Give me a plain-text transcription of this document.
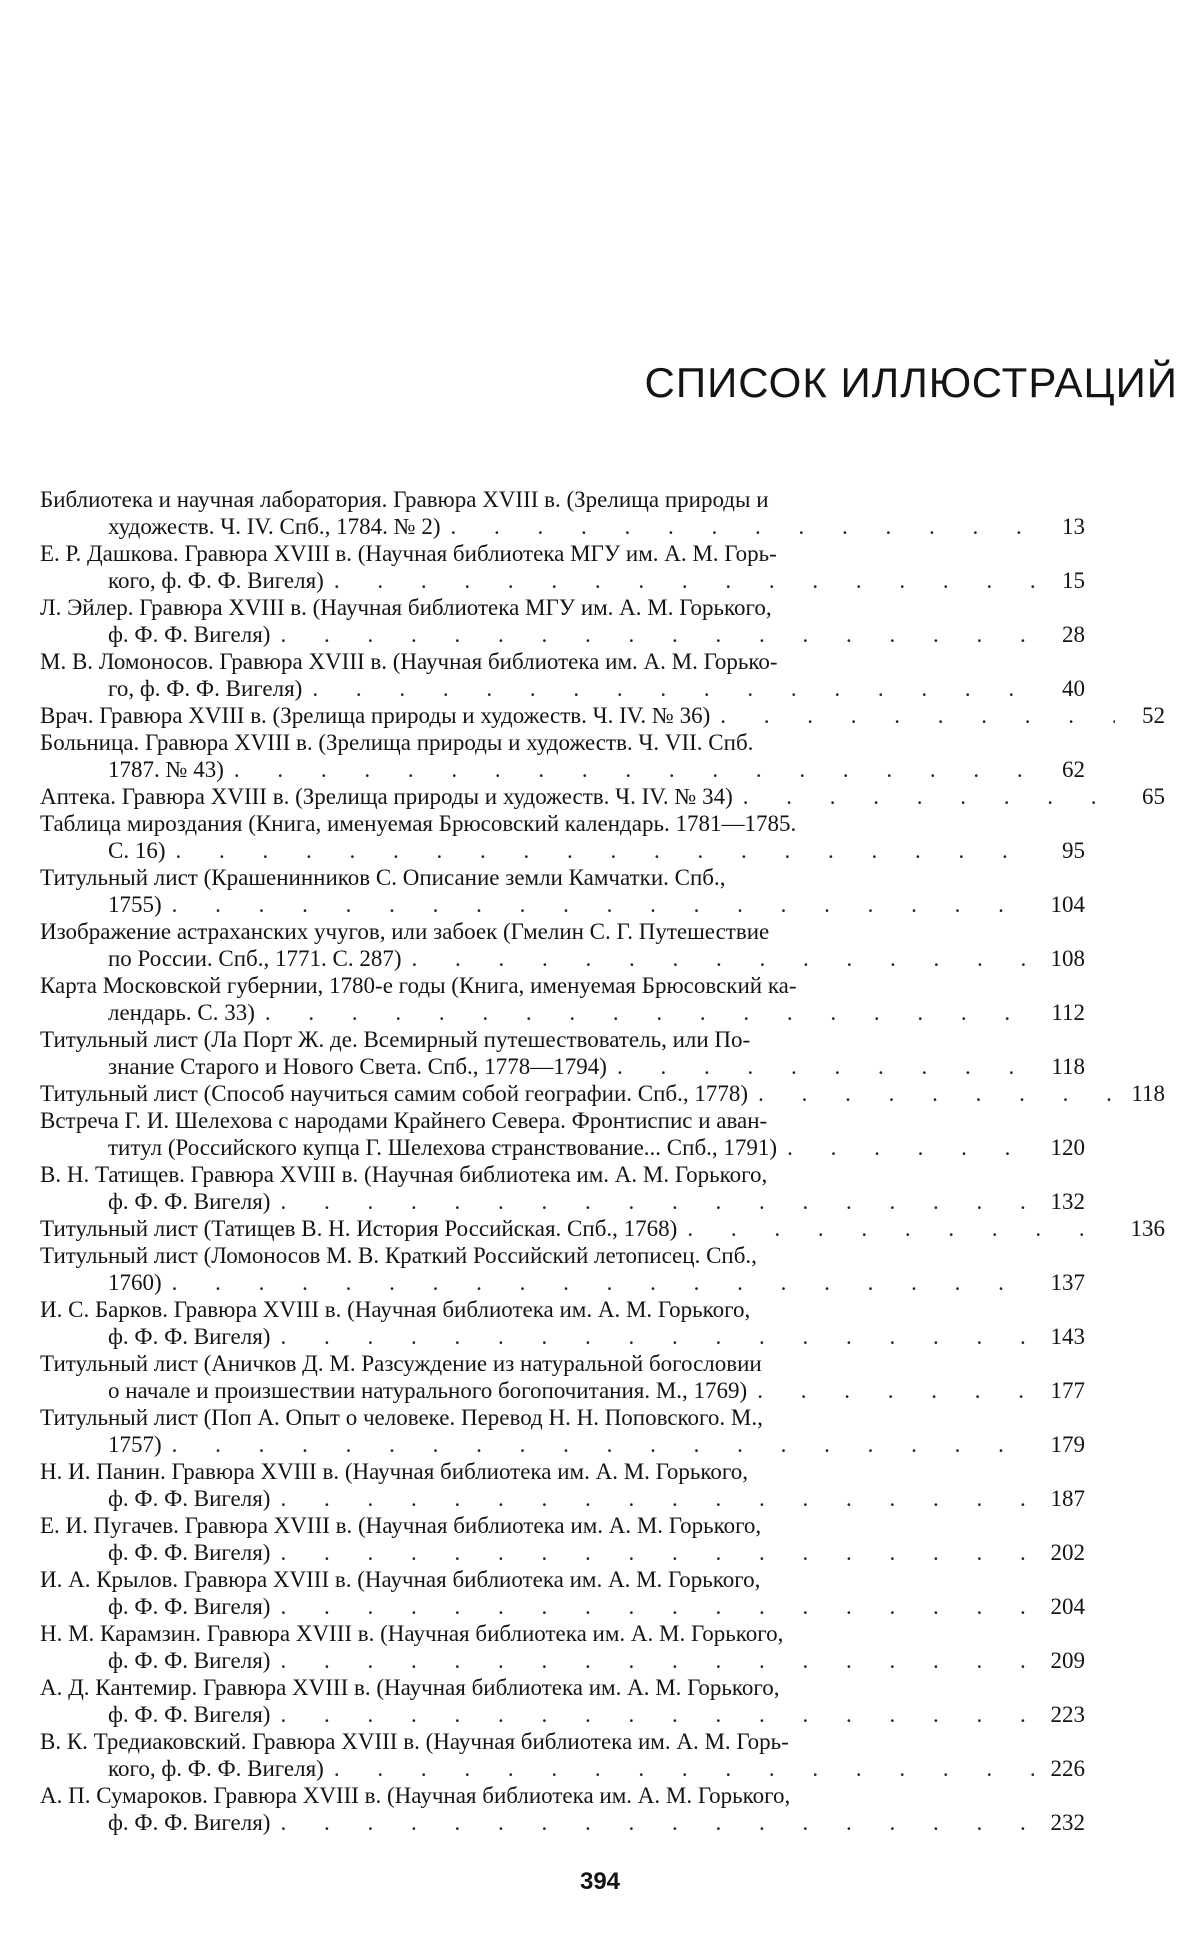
СПИСОК ИЛЛЮСТРАЦИЙ
Библиотека и научная лаборатория. Гравюра XVIII в. (Зрелища природы и
художеств. Ч. IV. Спб., 1784. № 2) . . .	13
Е. Р. Дашкова. Гравюра XVIII в. (Научная библиотека МГУ им. А. М. Горь-
кого, ф. Ф. Ф. Вигеля) . . .	15
Л. Эйлер. Гравюра XVIII в. (Научная библиотека МГУ им. А. М. Горького,
ф. Ф. Ф. Вигеля) . . .	28
М. В. Ломоносов. Гравюра XVIII в. (Научная библиотека им. А. М. Горько-
го, ф. Ф. Ф. Вигеля) . . .	40
Врач. Гравюра XVIII в. (Зрелища природы и художеств. Ч. IV. № 36) . . .	52
Больница. Гравюра XVIII в. (Зрелища природы и художеств. Ч. VII. Спб.
1787. № 43) . . .	62
Аптека. Гравюра XVIII в. (Зрелища природы и художеств. Ч. IV. № 34) . . .	65
Таблица мироздания (Книга, именуемая Брюсовский календарь. 1781—1785.
С. 16) . . .	95
Титульный лист (Крашенинников С. Описание земли Камчатки. Спб.,
1755) . . .	104
Изображение астраханских учугов, или забоек (Гмелин С. Г. Путешествие
по России. Спб., 1771. С. 287) . . .	108
Карта Московской губернии, 1780-е годы (Книга, именуемая Брюсовский ка-
лендарь. С. 33) . . .	112
Титульный лист (Ла Порт Ж. де. Всемирный путешествователь, или По-
знание Старого и Нового Света. Спб., 1778—1794) . . .	118
Титульный лист (Способ научиться самим собой географии. Спб., 1778) . . .	118
Встреча Г. И. Шелехова с народами Крайнего Севера. Фронтиспис и аван-
титул (Российского купца Г. Шелехова странствование... Спб., 1791) . . .	120
В. Н. Татищев. Гравюра XVIII в. (Научная библиотека им. А. М. Горького,
ф. Ф. Ф. Вигеля) . . .	132
Титульный лист (Татищев В. Н. История Российская. Спб., 1768) . . .	136
Титульный лист (Ломоносов М. В. Краткий Российский летописец. Спб.,
1760) . . .	137
И. С. Барков. Гравюра XVIII в. (Научная библиотека им. А. М. Горького,
ф. Ф. Ф. Вигеля) . . .	143
Титульный лист (Аничков Д. М. Разсуждение из натуральной богословии
о начале и произшествии натурального богопочитания. М., 1769) . . .	177
Титульный лист (Поп А. Опыт о человеке. Перевод Н. Н. Поповского. М.,
1757) . . .	179
Н. И. Панин. Гравюра XVIII в. (Научная библиотека им. А. М. Горького,
ф. Ф. Ф. Вигеля) . . .	187
Е. И. Пугачев. Гравюра XVIII в. (Научная библиотека им. А. М. Горького,
ф. Ф. Ф. Вигеля) . . .	202
И. А. Крылов. Гравюра XVIII в. (Научная библиотека им. А. М. Горького,
ф. Ф. Ф. Вигеля) . . .	204
Н. М. Карамзин. Гравюра XVIII в. (Научная библиотека им. А. М. Горького,
ф. Ф. Ф. Вигеля) . . .	209
А. Д. Кантемир. Гравюра XVIII в. (Научная библиотека им. А. М. Горького,
ф. Ф. Ф. Вигеля) . . .	223
В. К. Тредиаковский. Гравюра XVIII в. (Научная библиотека им. А. М. Горь-
кого, ф. Ф. Ф. Вигеля) . . .	226
А. П. Сумароков. Гравюра XVIII в. (Научная библиотека им. А. М. Горького,
ф. Ф. Ф. Вигеля) . . .	232
394
